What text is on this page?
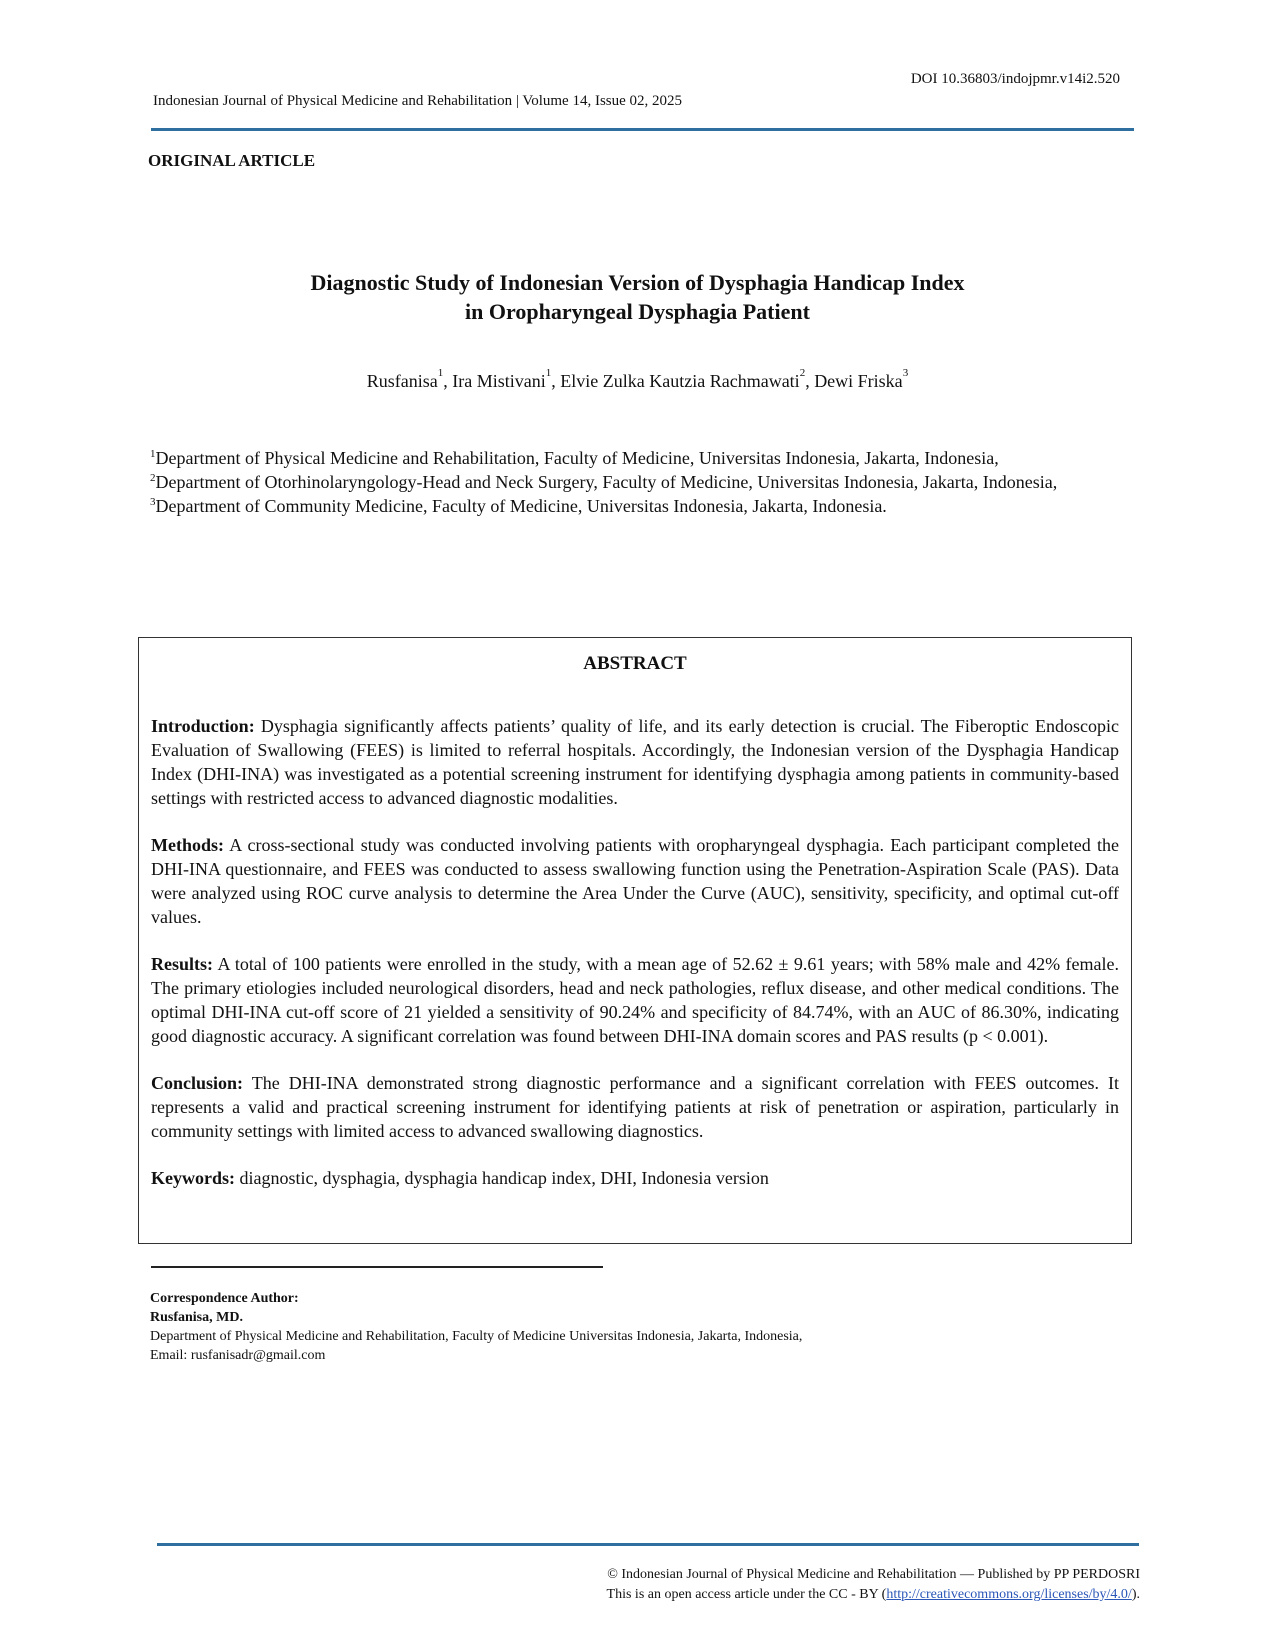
DOI 10.36803/indojpmr.v14i2.520
Indonesian Journal of Physical Medicine and Rehabilitation | Volume 14, Issue 02, 2025
ORIGINAL ARTICLE
Diagnostic Study of Indonesian Version of Dysphagia Handicap Index
in Oropharyngeal Dysphagia Patient
Rusfanisa$^1$, Ira Mistivani$^1$, Elvie Zulka Kautzia Rachmawati$^2$, Dewi Friska$^3$
$^1$Department of Physical Medicine and Rehabilitation, Faculty of Medicine, Universitas Indonesia, Jakarta, Indonesia,
$^2$Department of Otorhinolaryngology-Head and Neck Surgery, Faculty of Medicine, Universitas Indonesia, Jakarta, Indonesia,
$^3$Department of Community Medicine, Faculty of Medicine, Universitas Indonesia, Jakarta, Indonesia.
ABSTRACT

Introduction: Dysphagia significantly affects patients’ quality of life, and its early detection is crucial. The Fiberoptic Endoscopic Evaluation of Swallowing (FEES) is limited to referral hospitals. Accordingly, the Indonesian version of the Dysphagia Handicap Index (DHI-INA) was investigated as a potential screening instrument for identifying dysphagia among patients in community-based settings with restricted access to advanced diagnostic modalities.

Methods: A cross-sectional study was conducted involving patients with oropharyngeal dysphagia. Each participant completed the DHI-INA questionnaire, and FEES was conducted to assess swallowing function using the Penetration-Aspiration Scale (PAS). Data were analyzed using ROC curve analysis to determine the Area Under the Curve (AUC), sensitivity, specificity, and optimal cut-off values.

Results: A total of 100 patients were enrolled in the study, with a mean age of 52.62 ± 9.61 years; with 58% male and 42% female. The primary etiologies included neurological disorders, head and neck pathologies, reflux disease, and other medical conditions. The optimal DHI-INA cut-off score of 21 yielded a sensitivity of 90.24% and specificity of 84.74%, with an AUC of 86.30%, indicating good diagnostic accuracy. A significant correlation was found between DHI-INA domain scores and PAS results (p < 0.001).

Conclusion: The DHI-INA demonstrated strong diagnostic performance and a significant correlation with FEES outcomes. It represents a valid and practical screening instrument for identifying patients at risk of penetration or aspiration, particularly in community settings with limited access to advanced swallowing diagnostics.

Keywords: diagnostic, dysphagia, dysphagia handicap index, DHI, Indonesia version

Correspondence Author:
Rusfanisa, MD.
Department of Physical Medicine and Rehabilitation, Faculty of Medicine Universitas Indonesia, Jakarta, Indonesia,
Email: rusfanisadr@gmail.com
© Indonesian Journal of Physical Medicine and Rehabilitation — Published by PP PERDOSRI
This is an open access article under the CC - BY (http://creativecommons.org/licenses/by/4.0/).
